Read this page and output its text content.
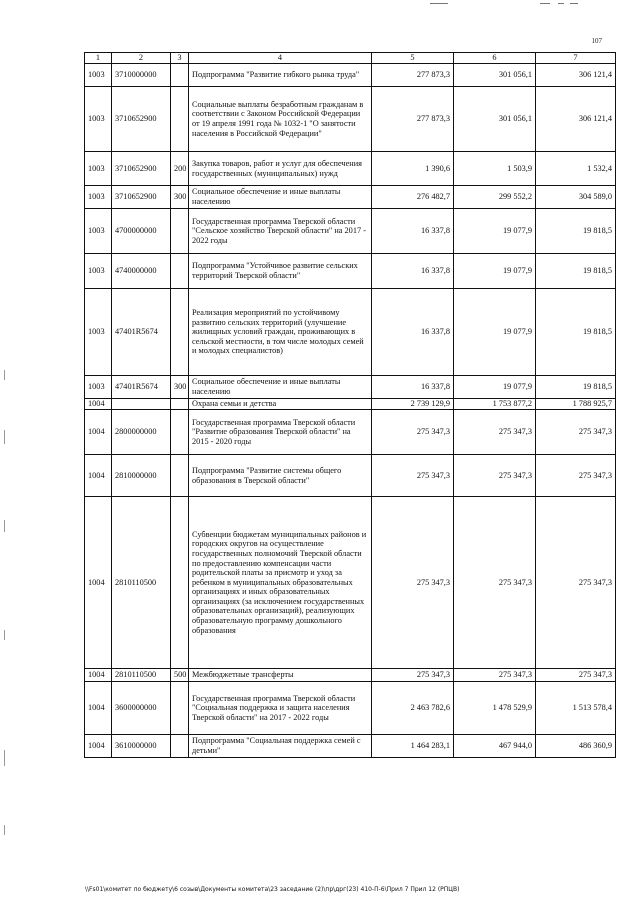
107
1	2	3	4	5	6	7
1003	3710000000		Подпрограмма "Развитие гибкого рынка труда"	277 873,3	301 056,1	306 121,4
1003	3710652900		Социальные выплаты безработным гражданам в соответствии с Законом Российской Федерации от 19 апреля 1991 года № 1032-1 "О занятости населения в Российской Федерации"	277 873,3	301 056,1	306 121,4
1003	3710652900	200	Закупка товаров, работ и услуг для обеспечения государственных (муниципальных) нужд	1 390,6	1 503,9	1 532,4
1003	3710652900	300	Социальное обеспечение и иные выплаты населению	276 482,7	299 552,2	304 589,0
1003	4700000000		Государственная программа Тверской области "Сельское хозяйство Тверской области" на 2017 - 2022 годы	16 337,8	19 077,9	19 818,5
1003	4740000000		Подпрограмма "Устойчивое развитие сельских территорий Тверской области"	16 337,8	19 077,9	19 818,5
1003	47401R5674		Реализация мероприятий по устойчивому развитию сельских территорий (улучшение жилищных условий граждан, проживающих в сельской местности, в том числе молодых семей и молодых специалистов)	16 337,8	19 077,9	19 818,5
1003	47401R5674	300	Социальное обеспечение и иные выплаты населению	16 337,8	19 077,9	19 818,5
1004			Охрана семьи и детства	2 739 129,9	1 753 877,2	1 788 925,7
1004	2800000000		Государственная программа Тверской области "Развитие образования Тверской области" на 2015 - 2020 годы	275 347,3	275 347,3	275 347,3
1004	2810000000		Подпрограмма "Развитие системы общего образования в Тверской области"	275 347,3	275 347,3	275 347,3
1004	2810110500		Субвенции бюджетам муниципальных районов и городских округов на осуществление государственных полномочий Тверской области по предоставлению компенсации части родительской платы за присмотр и уход за ребенком в муниципальных образовательных организациях и иных образовательных организациях (за исключением государственных образовательных организаций), реализующих образовательную программу дошкольного образования	275 347,3	275 347,3	275 347,3
1004	2810110500	500	Межбюджетные трансферты	275 347,3	275 347,3	275 347,3
1004	3600000000		Государственная программа Тверской области "Социальная поддержка и защита населения Тверской области" на 2017 - 2022 годы	2 463 782,6	1 478 529,9	1 513 578,4
1004	3610000000		Подпрограмма "Социальная поддержка семей с детьми"	1 464 283,1	467 944,0	486 360,9
\\Fs01\комитет по бюджету\6 созыв\Документы комитета\23 заседание (2)\пр\дрг(23) 410-П-6\Прил 7 Прил 12 (РПЦВ)
